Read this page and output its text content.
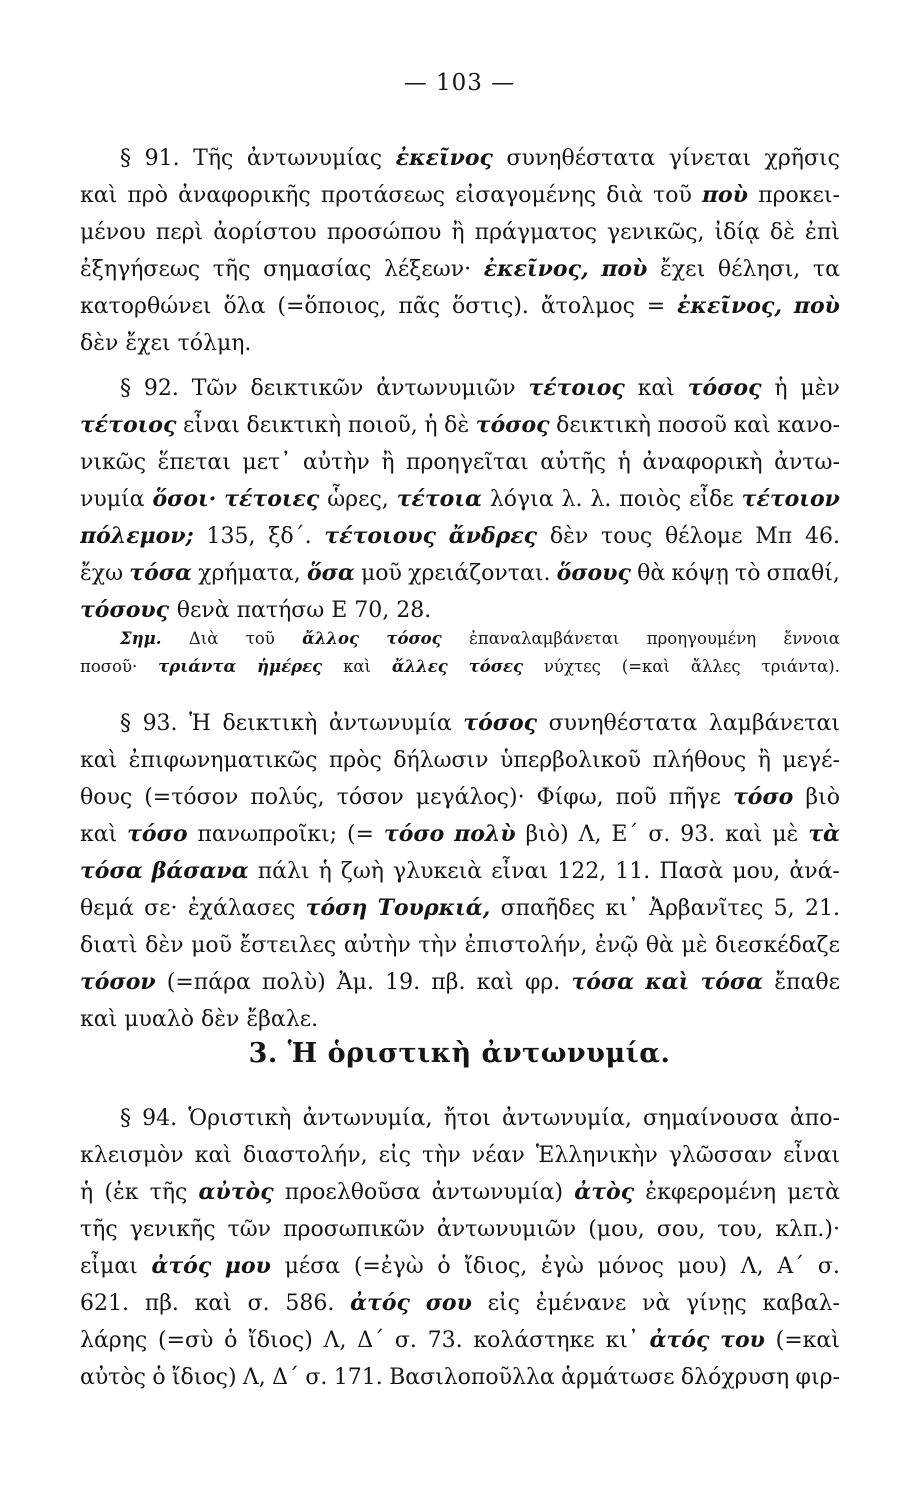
— 103 —
§ 91. Τῆς ἀντωνυμίας ἐκεῖνος συνηθέστατα γίνεται χρῆσις
καὶ πρὸ ἀναφορικῆς προτάσεως εἰσαγομένης διὰ τοῦ ποὺ προκει-
μένου περὶ ἀορίστου προσώπου ἢ πράγματος γενικῶς, ἰδίᾳ δὲ ἐπὶ
ἐξηγήσεως τῆς σημασίας λέξεων· ἐκεῖνος, ποὺ ἔχει θέλησι, τα
κατορθώνει ὅλα (=ὅποιος, πᾶς ὅστις). ἄτολμος = ἐκεῖνος, ποὺ
δὲν ἔχει τόλμη.
§ 92. Τῶν δεικτικῶν ἀντωνυμιῶν τέτοιος καὶ τόσος ἡ μὲν
τέτοιος εἶναι δεικτικὴ ποιοῦ, ἡ δὲ τόσος δεικτικὴ ποσοῦ καὶ κανο-
νικῶς ἕπεται μετ᾽ αὐτὴν ἢ προηγεῖται αὐτῆς ἡ ἀναφορικὴ ἀντω-
νυμία ὅσοι· τέτοιες ὧρες, τέτοια λόγια λ. λ. ποιὸς εἶδε τέτοιον
πόλεμον; 135, ξδ΄. τέτοιους ἄνδρες δὲν τους θέλομε Μπ 46.
ἔχω τόσα χρήματα, ὅσα μοῦ χρειάζονται. ὅσους θὰ κόψῃ τὸ σπαθί,
τόσους θενὰ πατήσω Ε 70, 28.
Σημ. Διὰ τοῦ ἄλλος τόσος ἐπαναλαμβάνεται προηγουμένη ἔννοια
ποσοῦ· τριάντα ἡμέρες καὶ ἄλλες τόσες νύχτες (=καὶ ἄλλες τριάντα).
§ 93. Ἡ δεικτικὴ ἀντωνυμία τόσος συνηθέστατα λαμβάνεται
καὶ ἐπιφωνηματικῶς πρὸς δήλωσιν ὑπερβολικοῦ πλήθους ἢ μεγέ-
θους (=τόσον πολύς, τόσον μεγάλος)· Φίφω, ποῦ πῆγε τόσο βιὸ
καὶ τόσο πανωπροῖκι; (= τόσο πολὺ βιὸ) Λ, Ε΄ σ. 93. καὶ μὲ τὰ
τόσα βάσανα πάλι ἡ ζωὴ γλυκειὰ εἶναι 122, 11. Πασὰ μου, ἀνά-
θεμά σε· ἐχάλασες τόση Τουρκιά, σπαῆδες κι᾽ Ἀρβανῖτες 5, 21.
διατὶ δὲν μοῦ ἔστειλες αὐτὴν τὴν ἐπιστολήν, ἐνῷ θὰ μὲ διεσκέδαζε
τόσον (=πάρα πολὺ) Ἀμ. 19. πβ. καὶ φρ. τόσα καὶ τόσα ἔπαθε
καὶ μυαλὸ δὲν ἔβαλε.
3. Ἡ ὁριστικὴ ἀντωνυμία.
§ 94. Ὁριστικὴ ἀντωνυμία, ἤτοι ἀντωνυμία, σημαίνουσα ἀπο-
κλεισμὸν καὶ διαστολήν, εἰς τὴν νέαν Ἑλληνικὴν γλῶσσαν εἶναι
ἡ (ἐκ τῆς αὐτὸς προελθοῦσα ἀντωνυμία) ἀτὸς ἐκφερομένη μετὰ
τῆς γενικῆς τῶν προσωπικῶν ἀντωνυμιῶν (μου, σου, του, κλπ.)·
εἶμαι ἀτός μου μέσα (=ἐγὼ ὁ ἴδιος, ἐγὼ μόνος μου) Λ, Α΄ σ.
621. πβ. καὶ σ. 586. ἀτός σου εἰς ἐμένανε νὰ γίνῃς καβαλ-
λάρης (=σὺ ὁ ἴδιος) Λ, Δ΄ σ. 73. κολάστηκε κι᾽ ἀτός του (=καὶ
αὐτὸς ὁ ἴδιος) Λ, Δ΄ σ. 171. Βασιλοποῦλλα ἁρμάτωσε δλόχρυση φιρ-
